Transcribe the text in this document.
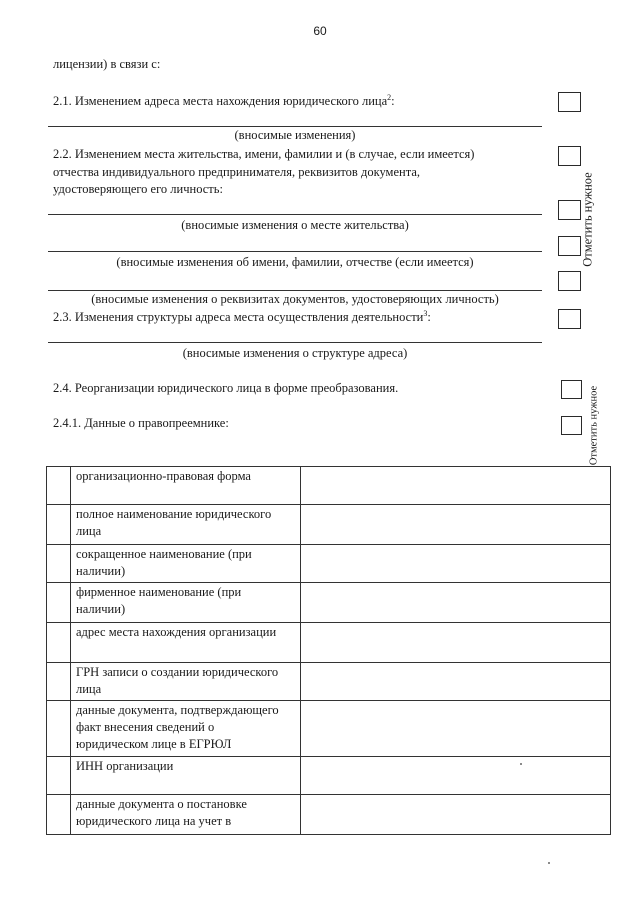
60
лицензии) в связи с:
2.1. Изменением адреса места нахождения юридического лица$^2$:
(вносимые изменения)
2.2. Изменением места жительства, имени, фамилии и (в случае, если имеется)
отчества индивидуального предпринимателя, реквизитов документа,
удостоверяющего его личность:
(вносимые изменения о месте жительства)
(вносимые изменения об имени, фамилии, отчестве (если имеется)
(вносимые изменения о реквизитах документов, удостоверяющих личность)
Отметить нужное
2.3. Изменения структуры адреса места осуществления деятельности$^3$:
(вносимые изменения о структуре адреса)
2.4. Реорганизации юридического лица в форме преобразования.
2.4.1. Данные о правопреемнике:	Отметить нужное

	организационно-правовая форма	

	полное наименование юридического
лица	

	сокращенное наименование (при
наличии)	

	фирменное наименование (при
наличии)	

	адрес места нахождения организации	

	ГРН записи о создании юридического
лица	

	данные документа, подтверждающего
факт внесения сведений о
юридическом лице в ЕГРЮЛ	

	ИНН организации	

	данные документа о постановке
юридического лица на учет в	
